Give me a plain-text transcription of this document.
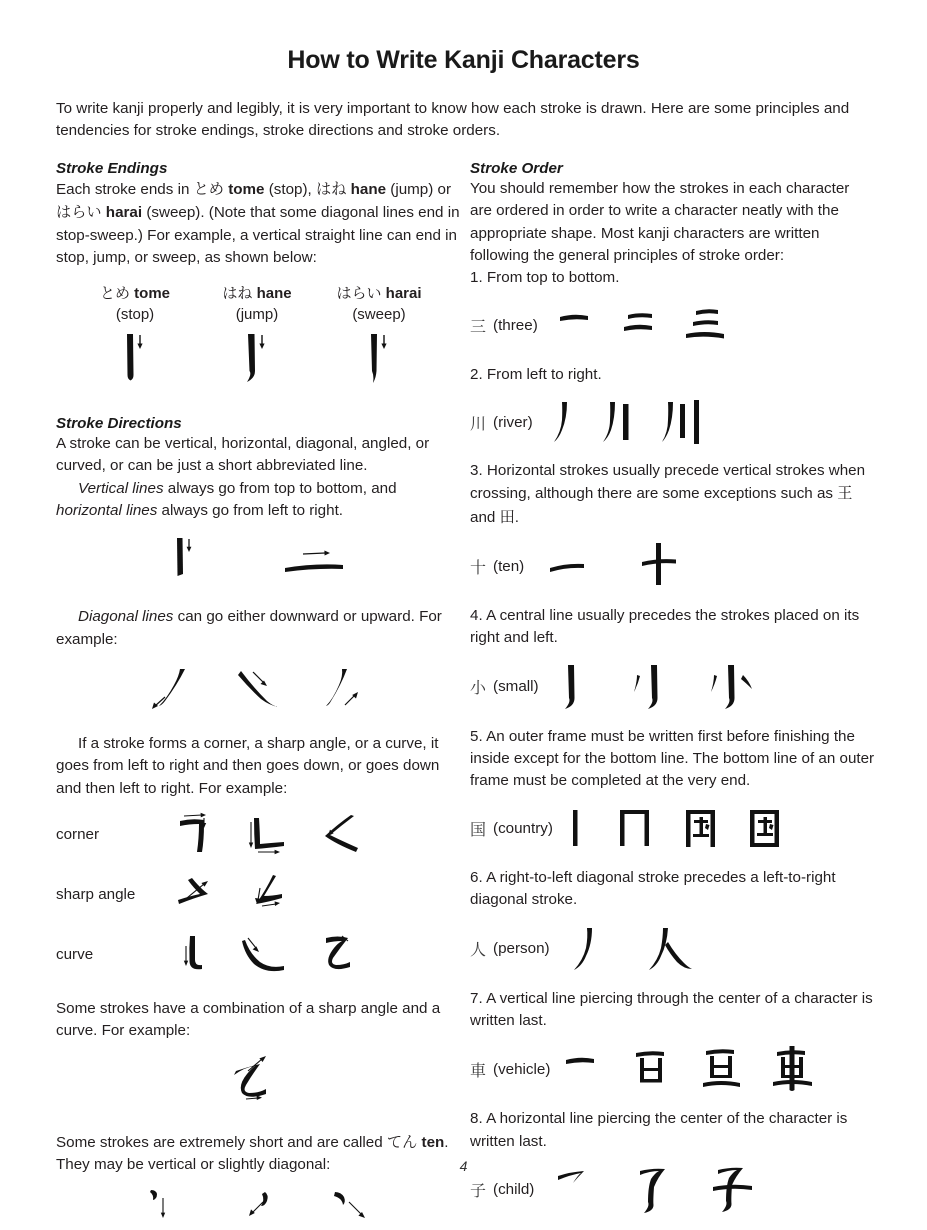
How to Write Kanji Characters
To write kanji properly and legibly, it is very important to know how each stroke is drawn. Here are some principles and tendencies for stroke endings, stroke directions and stroke orders.
Stroke Endings

Each stroke ends in とめ tome (stop), はね hane (jump) or はらい harai (sweep). (Note that some diagonal lines end in stop-sweep.) For example, a vertical straight line can end in stop, jump, or sweep, as shown below:

とめ tome
(stop)
はね hane
(jump)
はらい harai
(sweep)
Stroke Directions

A stroke can be vertical, horizontal, diagonal, angled, or curved, or can be just a short abbreviated line.

Vertical lines always go from top to bottom, and horizontal lines always go from left to right.

Diagonal lines can go either downward or upward. For example:

If a stroke forms a corner, a sharp angle, or a curve, it goes from left to right and then goes down, or goes down and then left to right. For example:

corner
sharp angle
curve

Some strokes have a combination of a sharp angle and a curve. For example:

Some strokes are extremely short and are called てん ten. They may be vertical or slightly diagonal:

Stroke Order

You should remember how the strokes in each character are ordered in order to write a character neatly with the appropriate shape. Most kanji characters are written following the general principles of stroke order:

1. From top to bottom.

三 (three)

2. From left to right.

川 (river)

3. Horizontal strokes usually precede vertical strokes when crossing, although there are some exceptions such as 王 and 田.

十 (ten)

4. A central line usually precedes the strokes placed on its right and left.

小 (small)

5. An outer frame must be written first before finishing the inside except for the bottom line. The bottom line of an outer frame must be completed at the very end.

国 (country)

6. A right-to-left diagonal stroke precedes a left-to-right diagonal stroke.

人 (person)

7. A vertical line piercing through the center of a character is written last.

車 (vehicle)

8. A horizontal line piercing the center of the character is written last.

子 (child)
4
